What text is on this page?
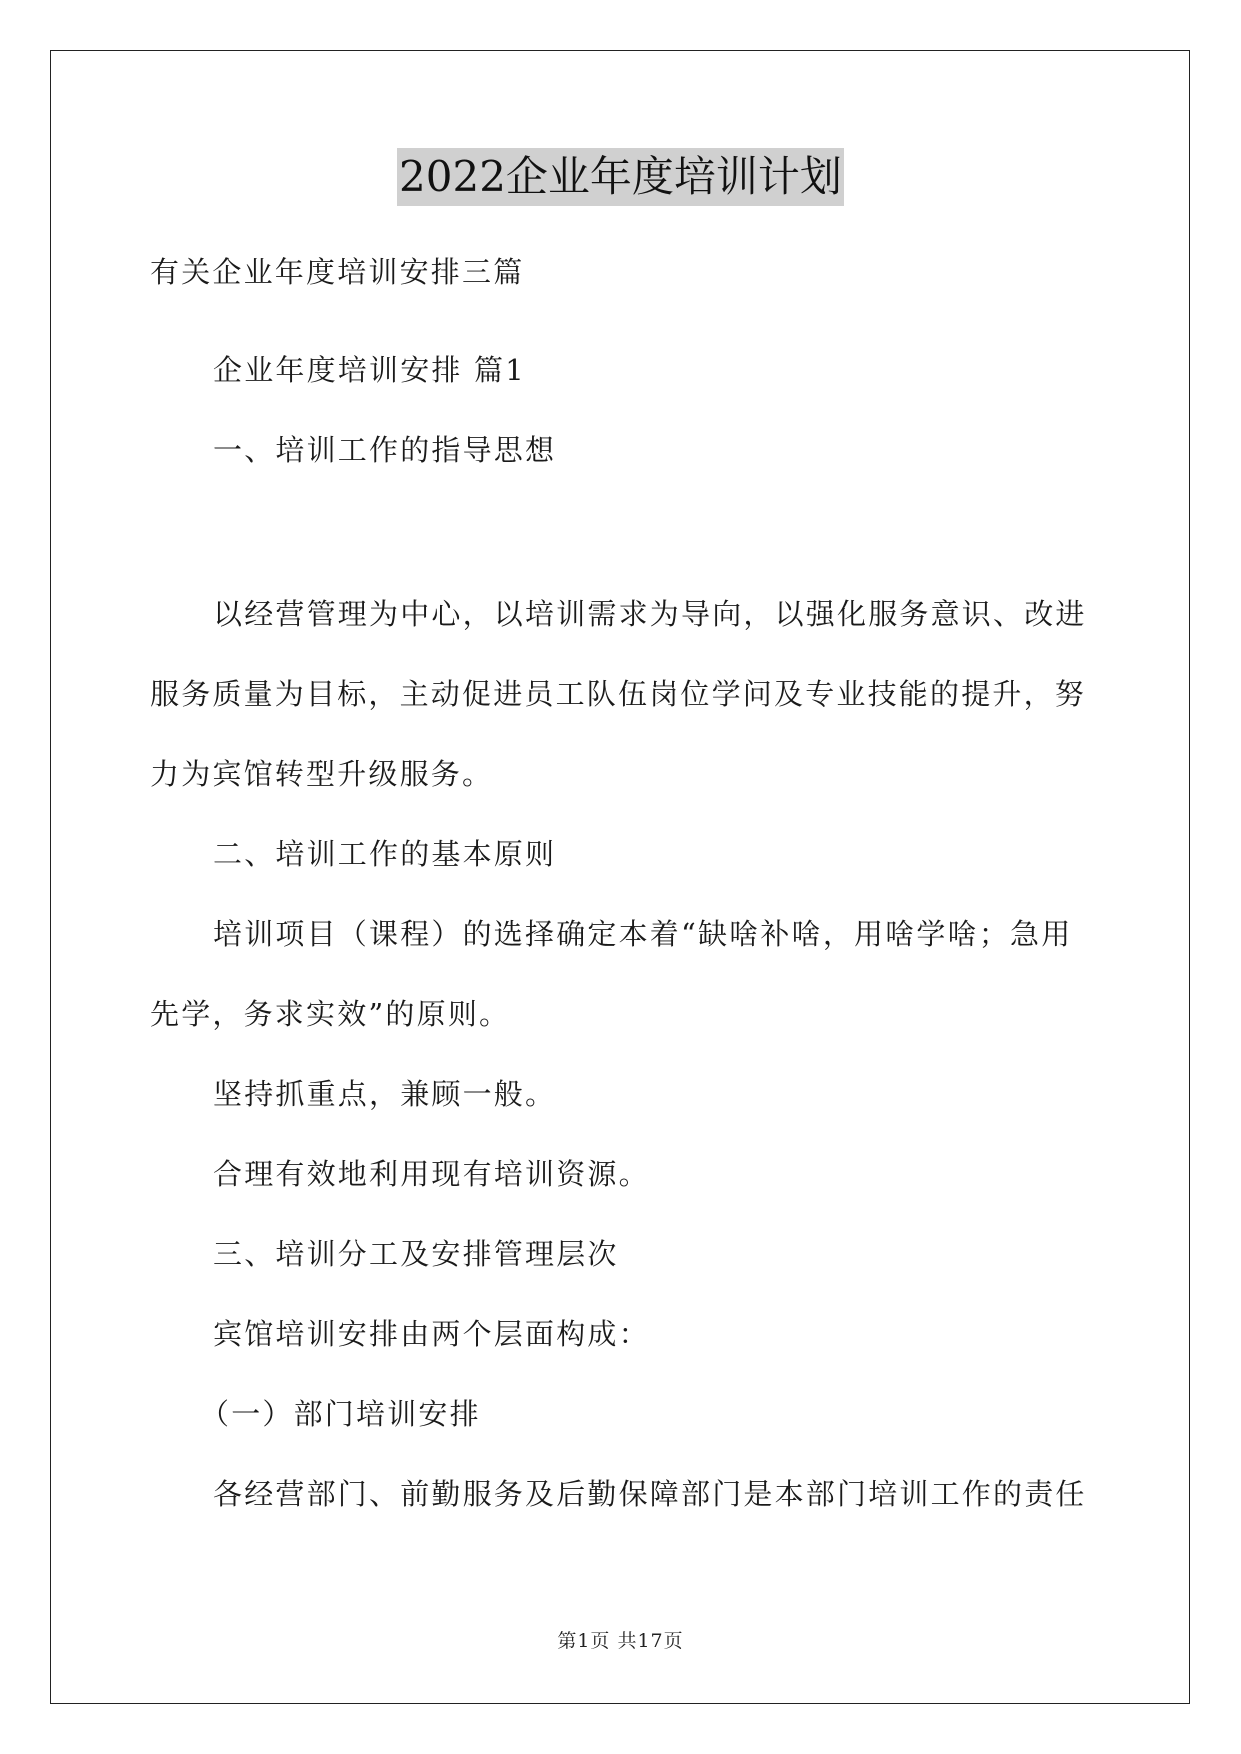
2022企业年度培训计划
有关企业年度培训安排三篇
企业年度培训安排 篇1
一、培训工作的指导思想
以经营管理为中心，以培训需求为导向，以强化服务意识、改进
服务质量为目标，主动促进员工队伍岗位学问及专业技能的提升，努
力为宾馆转型升级服务。
二、培训工作的基本原则
培训项目（课程）的选择确定本着“缺啥补啥，用啥学啥；急用
先学，务求实效”的原则。
坚持抓重点，兼顾一般。
合理有效地利用现有培训资源。
三、培训分工及安排管理层次
宾馆培训安排由两个层面构成：
（一）部门培训安排
各经营部门、前勤服务及后勤保障部门是本部门培训工作的责任
第1页 共17页
